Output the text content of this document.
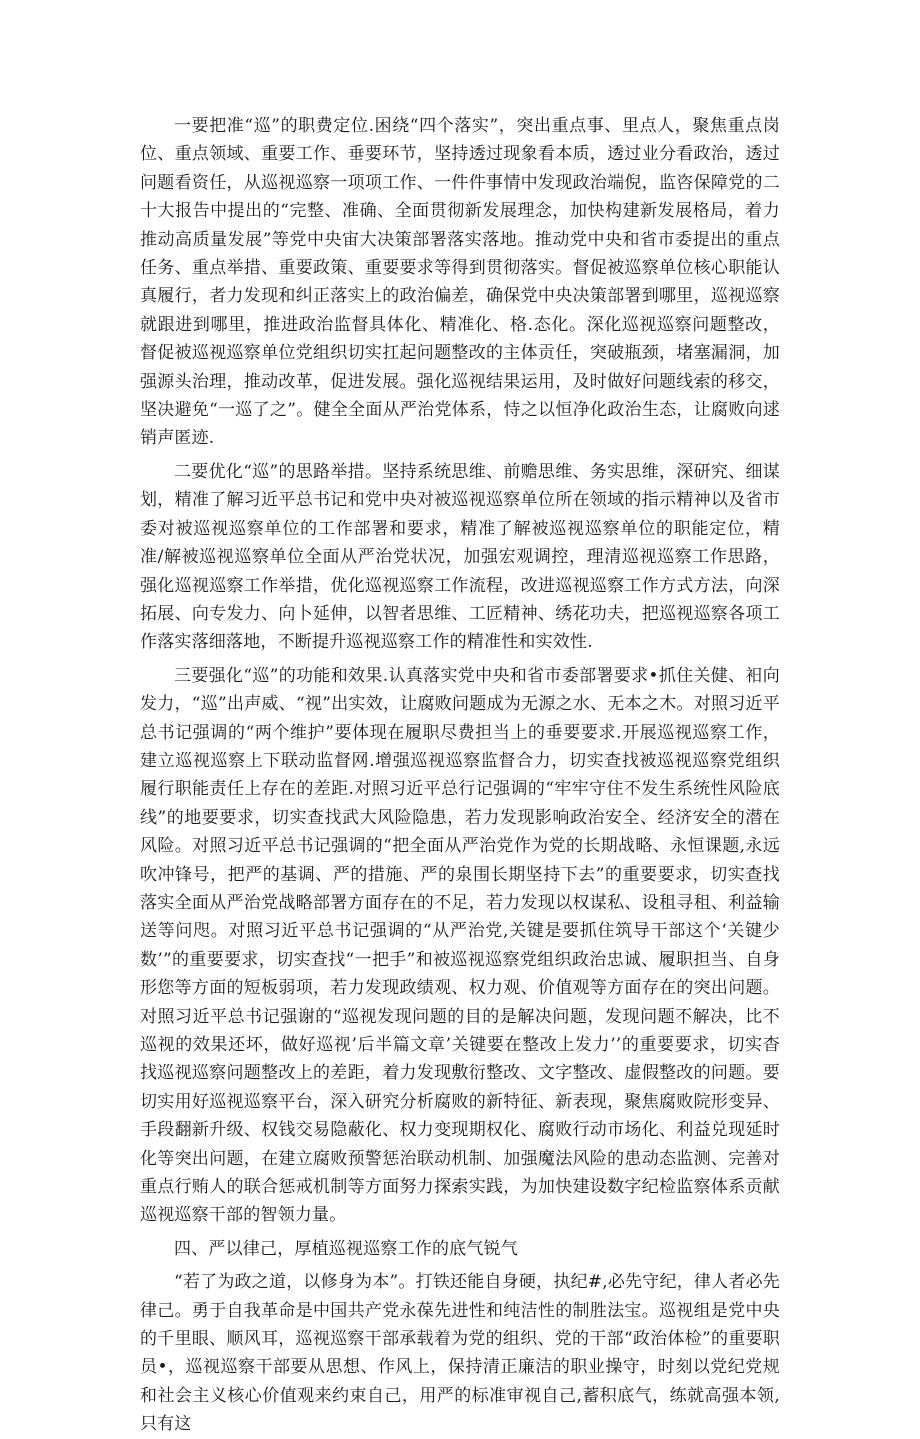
一要把准“巡”的职费定位.困绕“四个落实”，突出重点事、里点人，聚焦重点岗位、重点领域、重要工作、垂要环节，坚持透过现象看本质，透过业分看政治，透过问题看资任，从巡视巡察一项项工作、一件件事情中发现政治端倪，监咨保障党的二十大报告中提出的“完整、准确、全面贯彻新发展理念，加快构建新发展格局，着力推动高质量发展”等党中央宙大决策部署落实落地。推动党中央和省市委提出的重点任务、重点举措、重要政策、重要要求等得到贯彻落实。督促被巡察单位核心职能认真履行，者力发现和纠正落实上的政治偏差，确保党中央决策部署到哪里，巡视巡察就跟进到哪里，推进政治监督具体化、精准化、格.态化。深化巡视巡察问题整改，督促被巡视巡察单位党组织切实扛起问题整改的主体贡任，突破瓶颈，堵塞漏洞，加强源头治理，推动改革，促进发展。强化巡视结果运用，及时做好问题线索的移交，坚决避免“一巡了之”。健全全面从严治党体系，恃之以恒净化政治生态，让腐败向逑销声匿迹.

二要优化“巡”的思路举措。坚持系统思维、前赡思维、务实思维，深研究、细谋划，精准了解习近平总书记和党中央对被巡视巡察单位所在领域的指示精神以及省市委对被巡视巡察单位的工作部署和要求，精准了解被巡视巡察单位的职能定位，精准/解被巡视巡察单位全面从严治党状况，加强宏观调控，理清巡视巡察工作思路，强化巡视巡察工作举措，优化巡视巡察工作流程，改进巡视巡察工作方式方法，向深拓展、向专发力、向卜延伸，以智者思维、工匠精神、绣花功夫，把巡视巡察各项工作落实落细落地，不断提升巡视巡察工作的精准性和实效性.

三要强化“巡”的功能和效果.认真落实党中央和省市委部署要求•抓住关健、衵向发力，“巡”出声威、“视”出实效，让腐败问题成为无源之水、无本之木。对照习近平总书记强调的“两个维护”要体现在履职尽费担当上的垂要要求.开展巡视巡察工作，建立巡视巡察上下联动监督网.增强巡视巡察监督合力，切实查找被巡视巡察党组织履行职能责任上存在的差距.对照习近平总行记强调的“牢牢守住不发生系统性风险底线”的地要要求，切实查找武大风险隐患，若力发现影响政治安全、经济安全的潜在风险。对照习近平总书记强调的“把全面从严治党作为党的长期战略、永恒课题,永远吹冲锋号，把严的基调、严的措施、严的泉围长期坚持下去”的重要要求，切实查找落实全面从严治党战略部署方面存在的不足，若力发现以权谋私、设租寻租、利益输送等问咫。对照习近平总书记强调的“从严治党,关键是要抓住筑导干部这个‘关键少数’”的重要要求，切实查找“一把手”和被巡视巡察党组织政治忠诚、履职担当、自身形您等方面的短板弱项，若力发现政绩观、权力观、价值观等方面存在的突出问题。对照习近平总书记强谢的“巡视发现问题的目的是解决问题，发现问题不解决，比不巡视的效果还坏，做好巡视’后半篇文章’关键要在整改上发力’’的重要要求，切实杳找巡视巡察问题整改上的差距，着力发现敷衍整改、文字整改、虚假整改的问题。要切实用好巡视巡察平台，深入研究分析腐败的新特征、新表现，聚焦腐败院形变异、手段翻新升级、权钱交易隐蔽化、权力变现期权化、腐败行动市场化、利益兑现延时化等突出问题，在建立腐败预警惩治联动机制、加强魔法风险的患动态监测、完善对重点行贿人的联合惩戒机制等方面努力探索实践，为加快建设数字纪检监察体系贡献巡视巡察干部的智领力量。

四、严以律己，厚植巡视巡察工作的底气锐气

“若了为政之道，以修身为本”。打铁还能自身硬，执纪#,必先守纪，律人者必先律己。勇于自我革命是中国共产党永葆先进性和纯洁性的制胜法宝。巡视组是党中央的千里眼、顺风耳，巡视巡察干部承载着为党的组织、党的干部“政治体检”的重要职员•，巡视巡察干部要从思想、作风上，保持清正廉洁的职业操守，时刻以党纪党规和社会主义核心价值观来约束自己，用严的标准审视自己,蓄积底气，练就高强本领,只有这
